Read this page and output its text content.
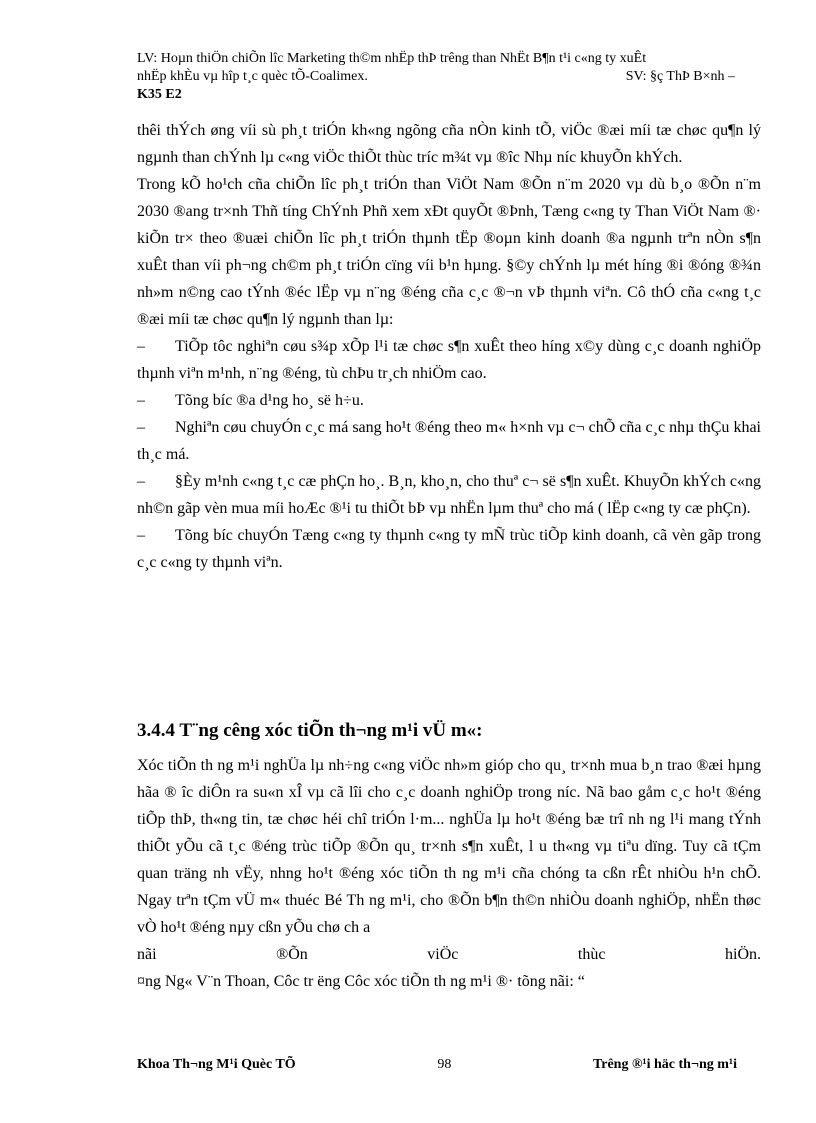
LV: Hoµn thiÖn chiÕn lîc Marketing th©m nhËp thÞ trêng than NhËt B¶n t¹i c«ng ty xuÊt
nhËp khÈu vµ hîp t¸c quèc tÕ-Coalimex.	SV: §ç ThÞ B×nh –
K35 E2

thêi thÝch øng víi sù ph¸t triÓn kh«ng ngõng cña nÒn kinh tÕ, viÖc ®æi míi tæ chøc qu¶n lý ngµnh than chÝnh lµ c«ng viÖc thiÕt thùc tríc m¾t vµ ®îc Nhµ níc khuyÕn khÝch.

Trong kÕ ho¹ch cña chiÕn lîc ph¸t triÓn than ViÖt Nam ®Õn n¨m 2020 vµ dù b¸o ®Õn n¨m 2030 ®ang tr×nh Thñ tíng ChÝnh Phñ xem xÐt quyÕt ®Þnh, Tæng c«ng ty Than ViÖt Nam ®· kiÕn tr× theo ®uæi chiÕn lîc ph¸t triÓn thµnh tËp ®oµn kinh doanh ®a ngµnh trªn nÒn s¶n xuÊt than víi ph¬ng ch©m ph¸t triÓn cïng víi b¹n hµng. §©y chÝnh lµ mét híng ®i ®óng ®¾n nh»m n©ng cao tÝnh ®éc lËp vµ n¨ng ®éng cña c¸c ®¬n vÞ thµnh viªn. Cô thÓ cña c«ng t¸c ®æi míi tæ chøc qu¶n lý ngµnh than lµ:

– TiÕp tôc nghiªn cøu s¾p xÕp l¹i tæ chøc s¶n xuÊt theo híng x©y dùng c¸c doanh nghiÖp thµnh viªn m¹nh, n¨ng ®éng, tù chÞu tr¸ch nhiÖm cao.

– Tõng bíc ®a d¹ng ho¸ së h÷u.

– Nghiªn cøu chuyÓn c¸c má sang ho¹t ®éng theo m« h×nh vµ c¬ chÕ cña c¸c nhµ thÇu khai th¸c má.

– §Èy m¹nh c«ng t¸c cæ phÇn ho¸. B¸n, kho¸n, cho thuª c¬ së s¶n xuÊt. KhuyÕn khÝch c«ng nh©n gãp vèn mua míi hoÆc ®¹i tu thiÕt bÞ vµ nhËn lµm thuª cho má ( lËp c«ng ty cæ phÇn).

– Tõng bíc chuyÓn Tæng c«ng ty thµnh c«ng ty mÑ trùc tiÕp kinh doanh, cã vèn gãp trong c¸c c«ng ty thµnh viªn.

3.4.4 T¨ng cêng xóc tiÕn th¬ng m¹i vÜ m«:

Xóc tiÕn th ng m¹i nghÜa lµ nh÷ng c«ng viÖc nh»m gióp cho qu¸ tr×nh mua b¸n trao ®æi hµng hãa ® îc diÔn ra su«n xÎ vµ cã lîi cho c¸c doanh nghiÖp trong níc. Nã bao gåm c¸c ho¹t ®éng tiÕp thÞ, th«ng tin, tæ chøc héi chî triÓn l·m... nghÜa lµ ho¹t ®éng bæ trî nh ng l¹i mang tÝnh thiÕt yÕu cã t¸c ®éng trùc tiÕp ®Õn qu¸ tr×nh s¶n xuÊt, l u th«ng vµ tiªu dïng. Tuy cã tÇm quan träng nh vËy, nhng ho¹t ®éng xóc tiÕn th ng m¹i cña chóng ta cßn rÊt nhiÒu h¹n chÕ. Ngay trªn tÇm vÜ m« thuéc Bé Th ng m¹i, cho ®Õn b¶n th©n nhiÒu doanh nghiÖp, nhËn thøc vÒ ho¹t ®éng nµy cßn yÕu chø ch a

nãi ®Õn viÖc thùc hiÖn.

¤ng Ng« V¨n Thoan, Côc tr ëng Côc xóc tiÕn th ng m¹i ®· tõng nãi: “

Khoa Th¬ng M¹i Quèc TÕ	98	Trêng ®¹i häc th¬ng m¹i
